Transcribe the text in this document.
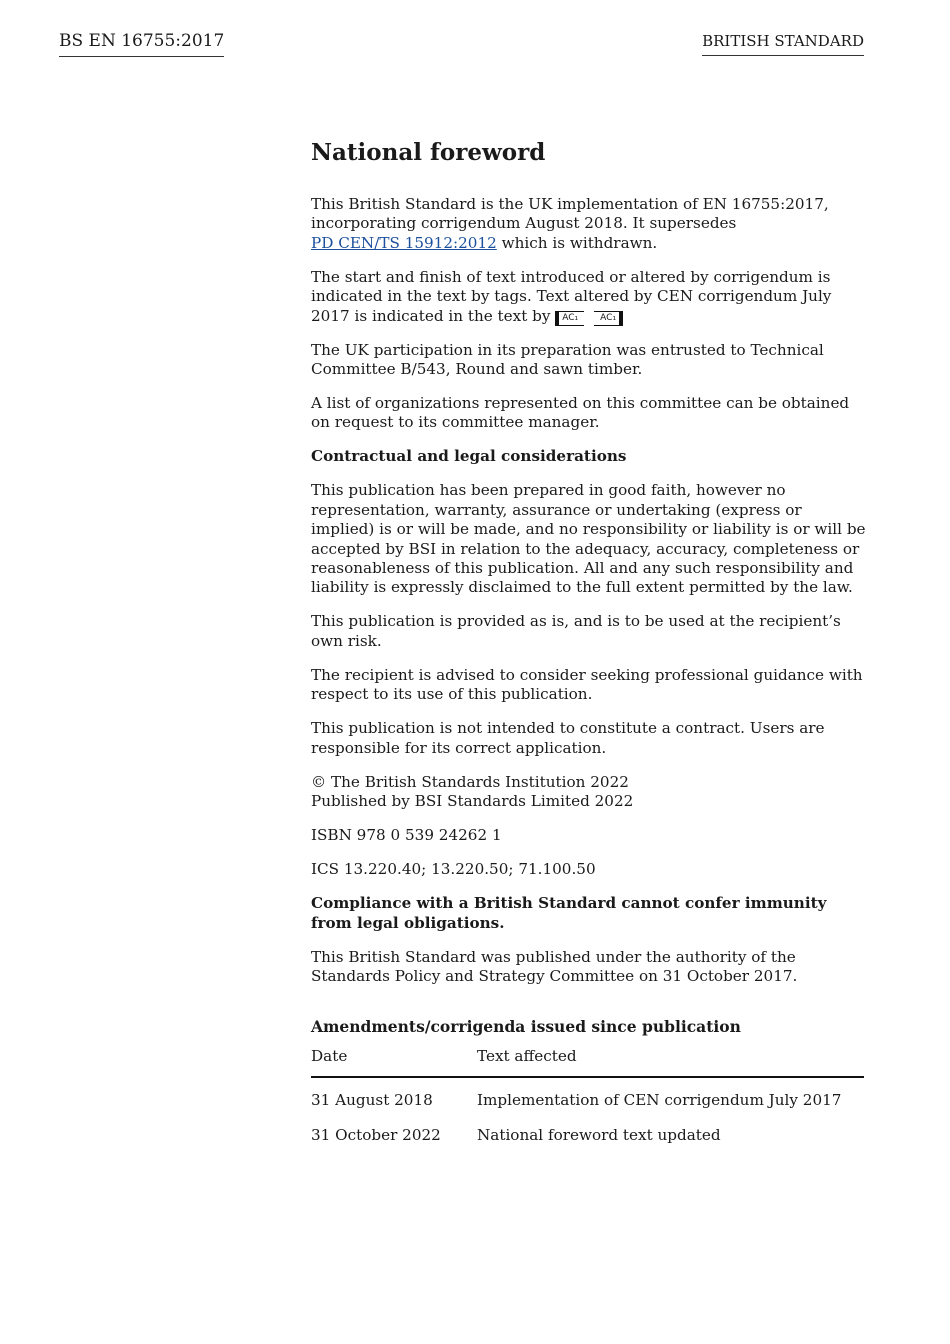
BS EN 16755:2017	BRITISH STANDARD
National foreword

This British Standard is the UK implementation of EN 16755:2017, incorporating corrigendum August 2018. It supersedes
PD CEN/TS 15912:2012 which is withdrawn.

The start and finish of text introduced or altered by corrigendum is indicated in the text by tags. Text altered by CEN corrigendum July 2017 is indicated in the text by AC₁ AC₁

The UK participation in its preparation was entrusted to Technical Committee B/543, Round and sawn timber.

A list of organizations represented on this committee can be obtained on request to its committee manager.

Contractual and legal considerations

This publication has been prepared in good faith, however no representation, warranty, assurance or undertaking (express or implied) is or will be made, and no responsibility or liability is or will be accepted by BSI in relation to the adequacy, accuracy, completeness or reasonableness of this publication. All and any such responsibility and liability is expressly disclaimed to the full extent permitted by the law.

This publication is provided as is, and is to be used at the recipient’s own risk.

The recipient is advised to consider seeking professional guidance with respect to its use of this publication.

This publication is not intended to constitute a contract. Users are responsible for its correct application.

© The British Standards Institution 2022
Published by BSI Standards Limited 2022

ISBN 978 0 539 24262 1

ICS 13.220.40; 13.220.50; 71.100.50

Compliance with a British Standard cannot confer immunity from legal obligations.

This British Standard was published under the authority of the Standards Policy and Strategy Committee on 31 October 2017.

Amendments/corrigenda issued since publication
Date	Text affected
31 August 2018	Implementation of CEN corrigendum July 2017
31 October 2022	National foreword text updated
